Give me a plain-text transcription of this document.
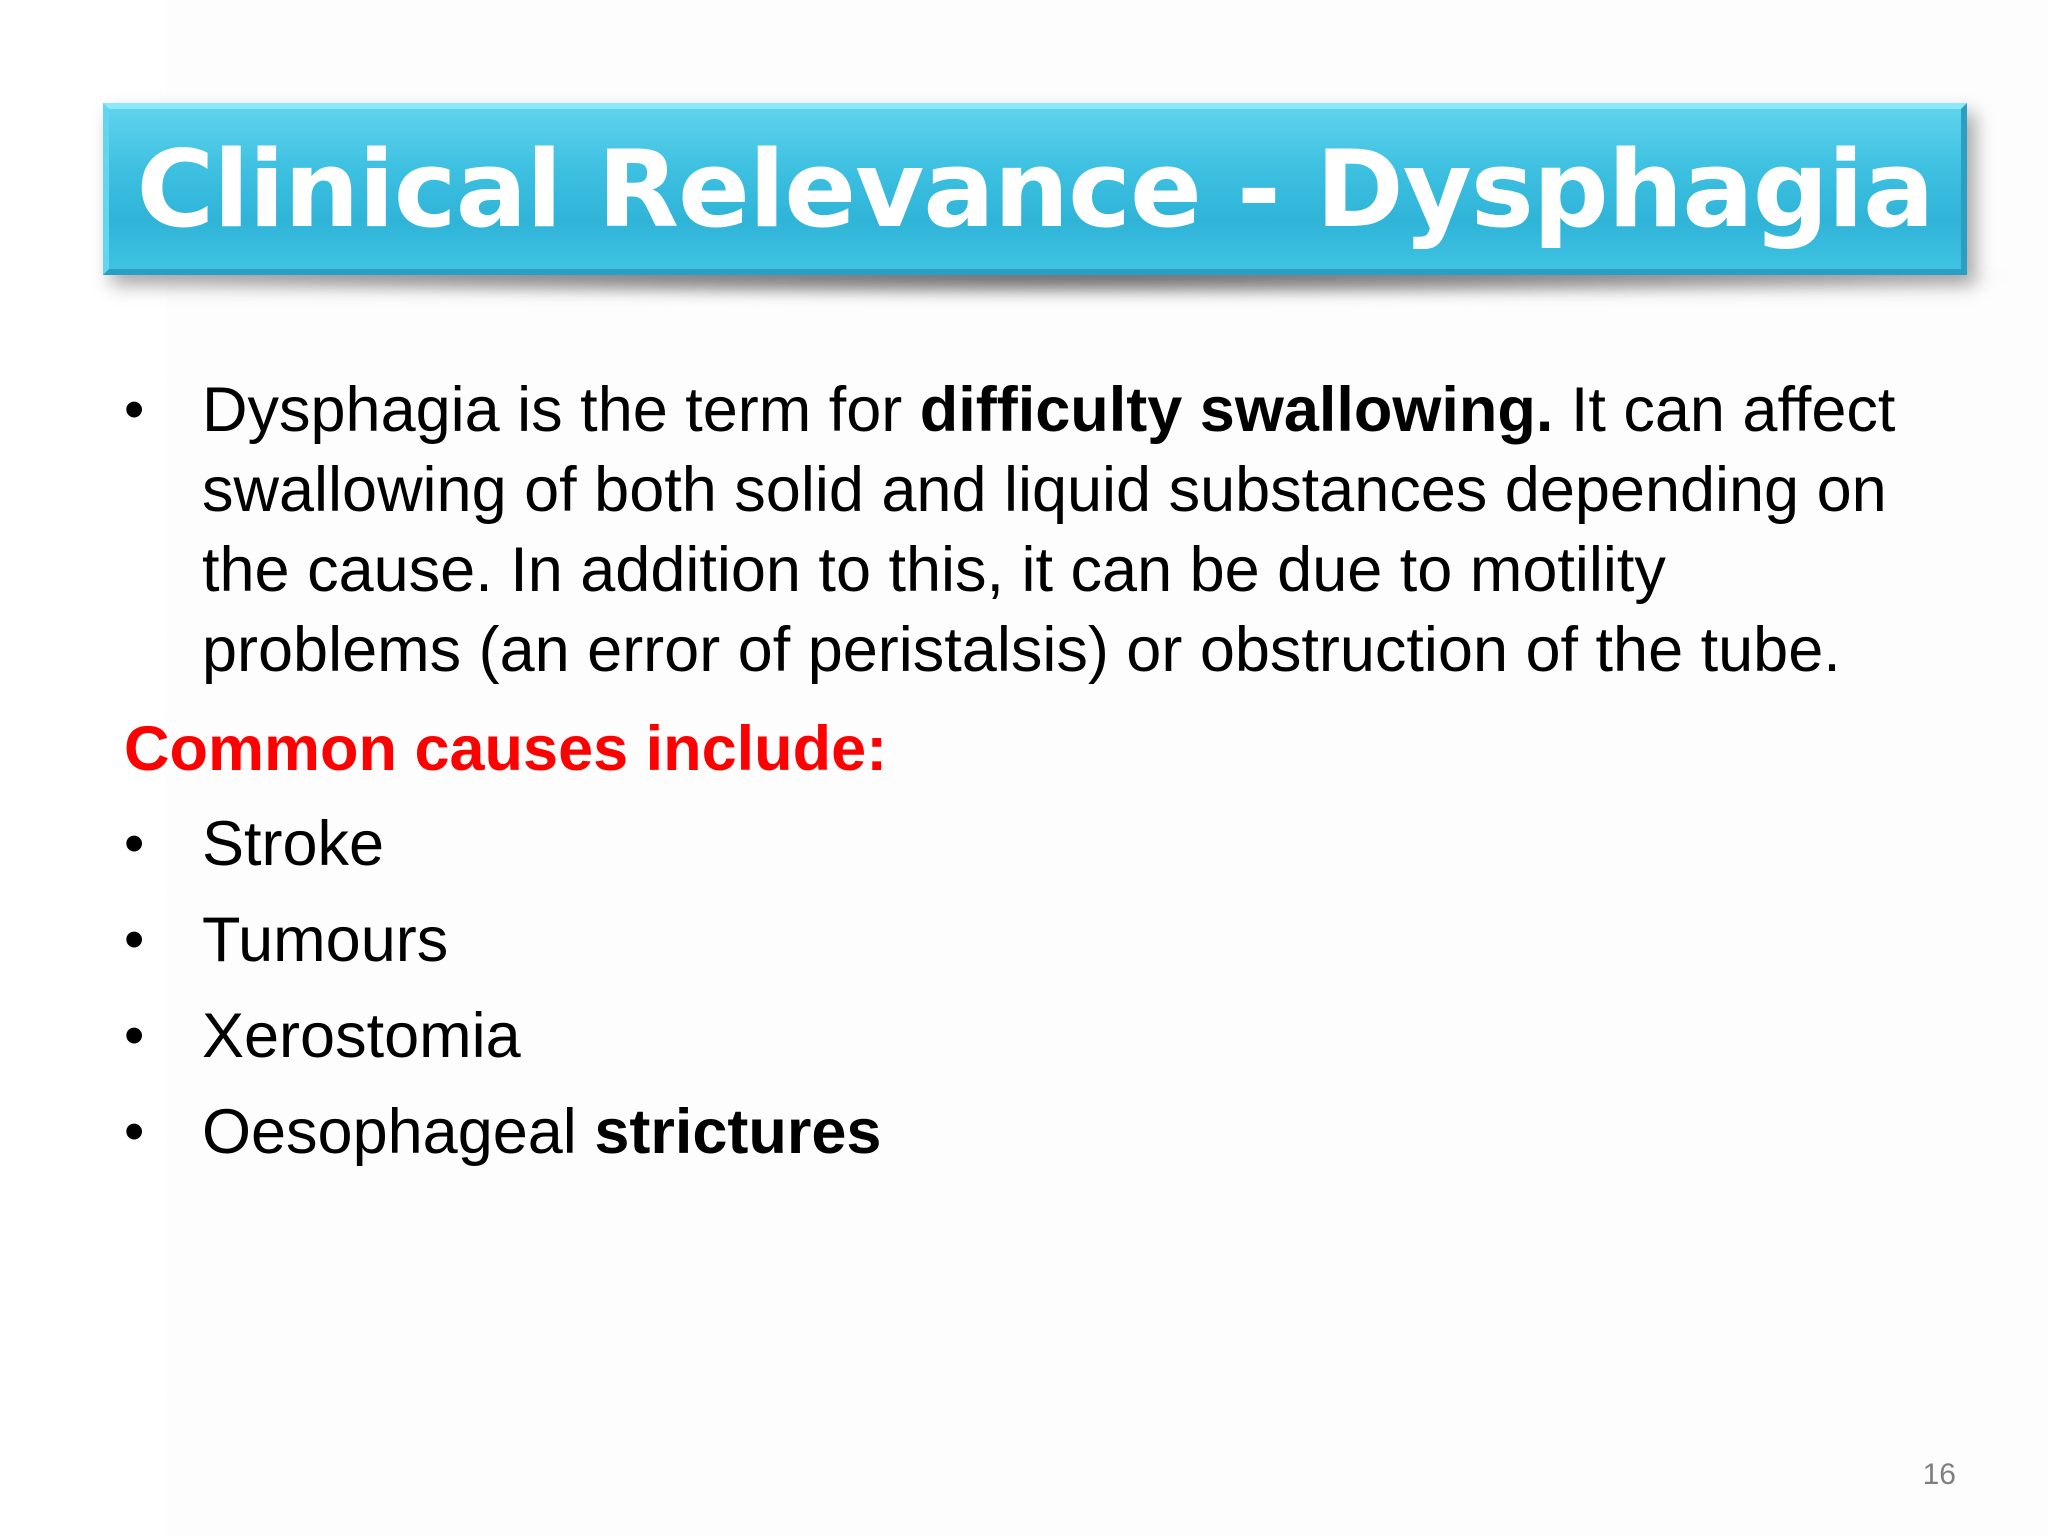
Clinical Relevance - Dysphagia
• Dysphagia is the term for difficulty swallowing. It can affect swallowing of both solid and liquid substances depending on the cause. In addition to this, it can be due to motility problems (an error of peristalsis) or obstruction of the tube.
Common causes include:
• Stroke
• Tumours
• Xerostomia
• Oesophageal strictures
16
